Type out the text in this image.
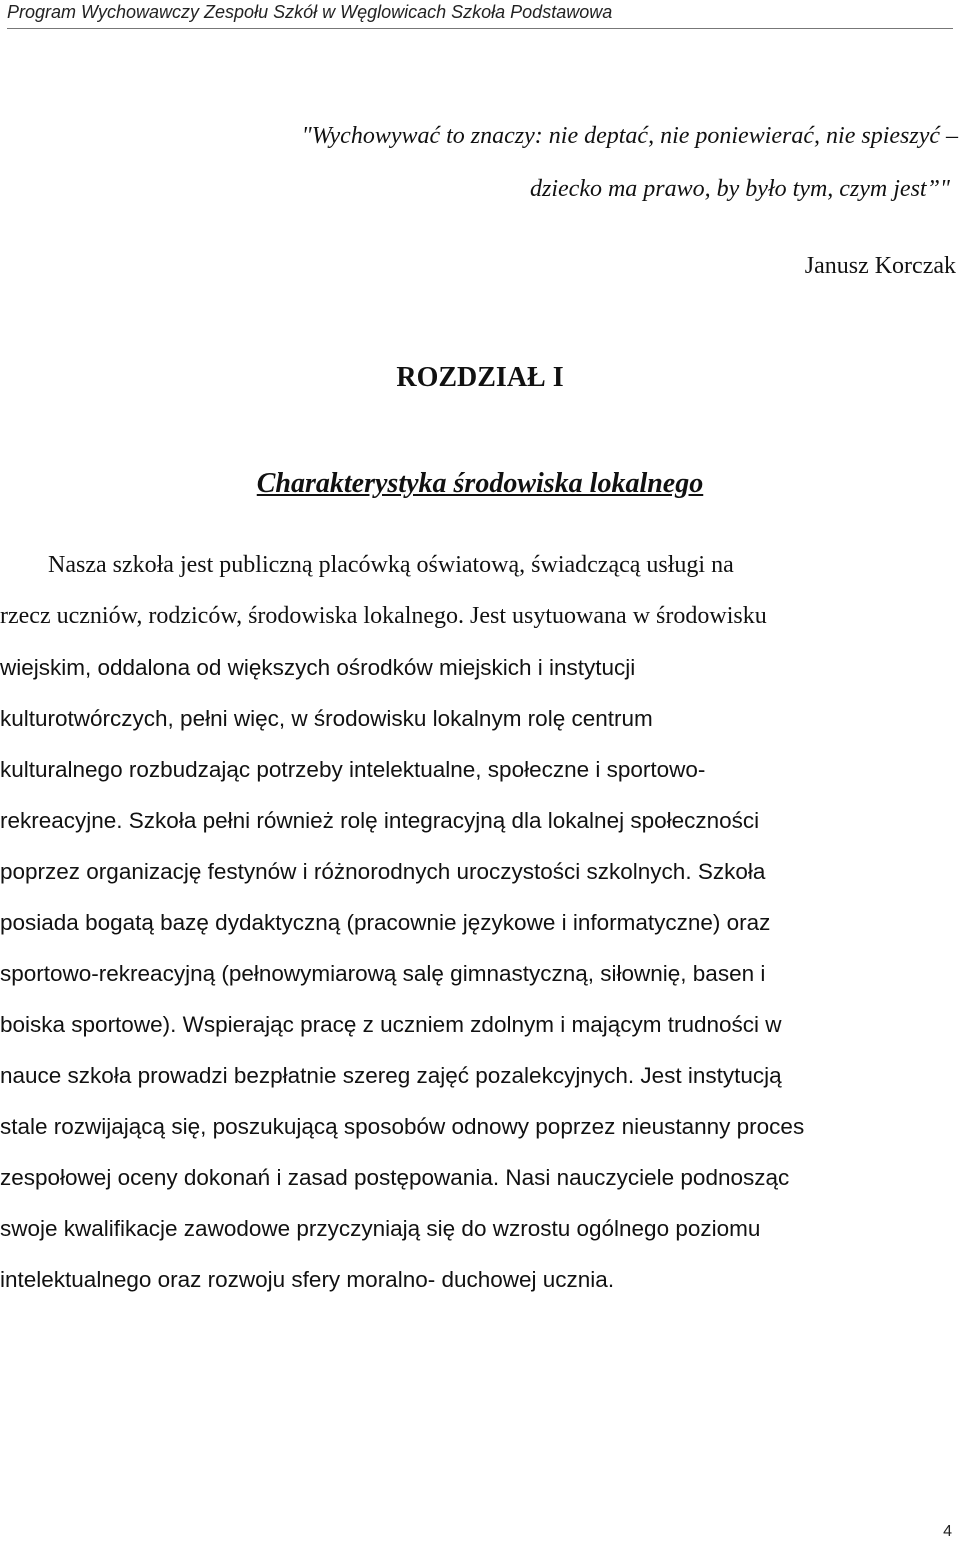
Program Wychowawczy Zespołu Szkół w Węglowicach Szkoła Podstawowa
"Wychowywać to znaczy: nie deptać, nie poniewierać, nie spieszyć –
dziecko ma prawo, by było tym, czym jest”"
Janusz Korczak
ROZDZIAŁ I
Charakterystyka środowiska lokalnego
Nasza szkoła jest publiczną placówką oświatową, świadczącą usługi na
rzecz uczniów, rodziców, środowiska lokalnego. Jest usytuowana w środowisku
wiejskim, oddalona od większych ośrodków miejskich i instytucji
kulturotwórczych, pełni więc, w środowisku lokalnym rolę centrum
kulturalnego rozbudzając potrzeby intelektualne, społeczne i sportowo-
rekreacyjne. Szkoła pełni również rolę integracyjną dla lokalnej społeczności
poprzez organizację festynów i różnorodnych uroczystości szkolnych. Szkoła
posiada bogatą bazę dydaktyczną (pracownie językowe i informatyczne) oraz
sportowo-rekreacyjną (pełnowymiarową salę gimnastyczną, siłownię, basen i
boiska sportowe). Wspierając pracę z uczniem zdolnym i mającym trudności w
nauce szkoła prowadzi bezpłatnie szereg zajęć pozalekcyjnych. Jest instytucją
stale rozwijającą się, poszukującą sposobów odnowy poprzez nieustanny proces
zespołowej oceny dokonań i zasad postępowania. Nasi nauczyciele podnosząc
swoje kwalifikacje zawodowe przyczyniają się do wzrostu ogólnego poziomu
intelektualnego oraz rozwoju sfery moralno- duchowej ucznia.
4
